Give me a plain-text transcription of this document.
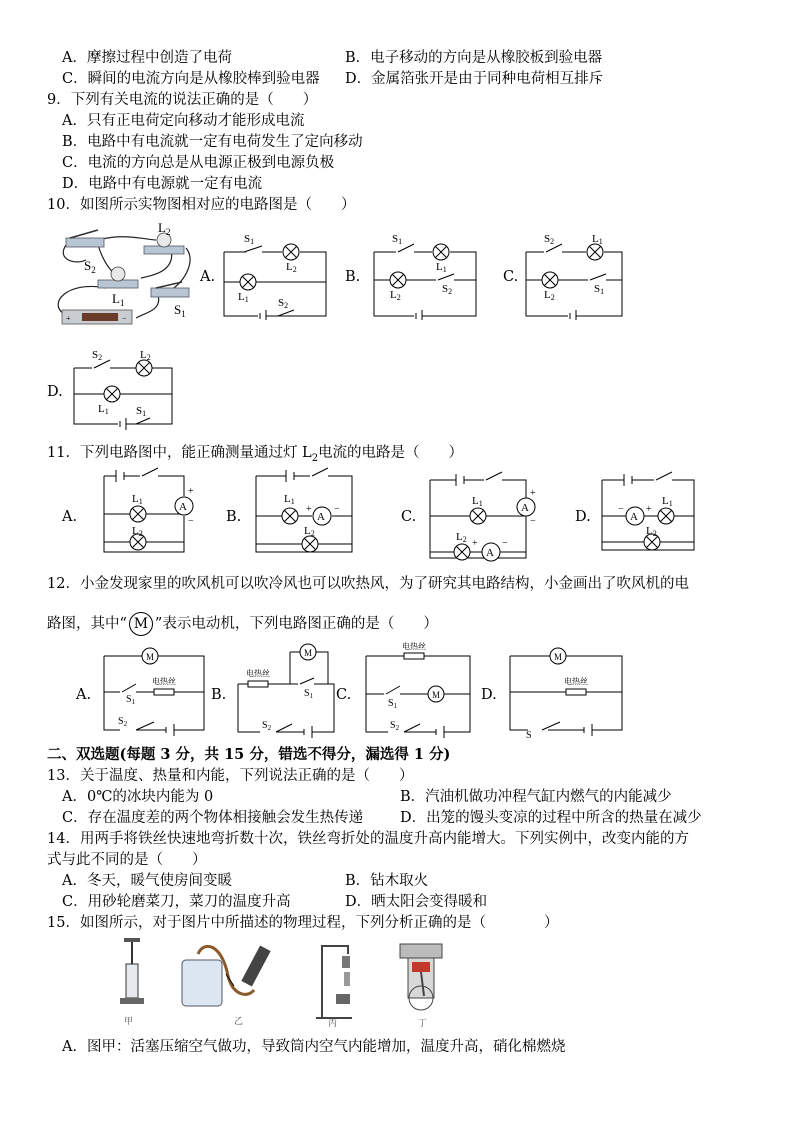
A．摩擦过程中创造了电荷	B．电子移动的方向是从橡胶板到验电器
C．瞬间的电流方向是从橡胶棒到验电器 D．金属箔张开是由于同种电荷相互排斥
9．下列有关电流的说法正确的是（　　）
A．只有正电荷定向移动才能形成电流
B．电路中有电流就一定有电荷发生了定向移动
C．电流的方向总是从电源正极到电源负极
D．电路中有电源就一定有电流
10．如图所示实物图相对应的电路图是（　　）
+	−
$S_2$
$L_2$
$L_1$	$S_1$
A.
S1
L2
L1	S2
B.
S1
L1
L2
S2
C.
S2	L1
L2
S1
D.
S2	L2
L1 S1
11．下列电路图中，能正确测量通过灯 $L_2$电流的电路是（　　）
A.
A
+
−
L1
L2
B.	A
+ −
L1
L2
C.
A
+
−
A
+ −
L1
L2
D.	A
− +
L1
L2
12．小金发现家里的吹风机可以吹冷风也可以吹热风，为了研究其电路结构，小金画出了吹风机的电
路图，其中“ M ”表示电动机，下列电路图正确的是（　　）
A.
M
电热丝
$S_1$
$S_2$
B.
M
电热丝
$S_1$
$S_2$
C.	M
电热丝
$S_1$
$S_2$
D.
M
电热丝
S
二、双选题(每题 3 分，共 15 分，错选不得分，漏选得 1 分)
13．关于温度、热量和内能，下列说法正确的是（　　）
A．0℃的冰块内能为 0	B．汽油机做功冲程气缸内燃气的内能减少
C．存在温度差的两个物体相接触会发生热传递	D．出笼的馒头变凉的过程中所含的热量在减少
14．用两手将铁丝快速地弯折数十次，铁丝弯折处的温度升高内能增大。下列实例中，改变内能的方
式与此不同的是（　　）
A．冬天，暖气使房间变暖	B．钻木取火
C．用砂轮磨菜刀，菜刀的温度升高	D．晒太阳会变得暖和
15．如图所示，对于图片中所描述的物理过程，下列分析正确的是（　　　　）
甲	乙	丙	丁
A．图甲：活塞压缩空气做功，导致筒内空气内能增加，温度升高，硝化棉燃烧
